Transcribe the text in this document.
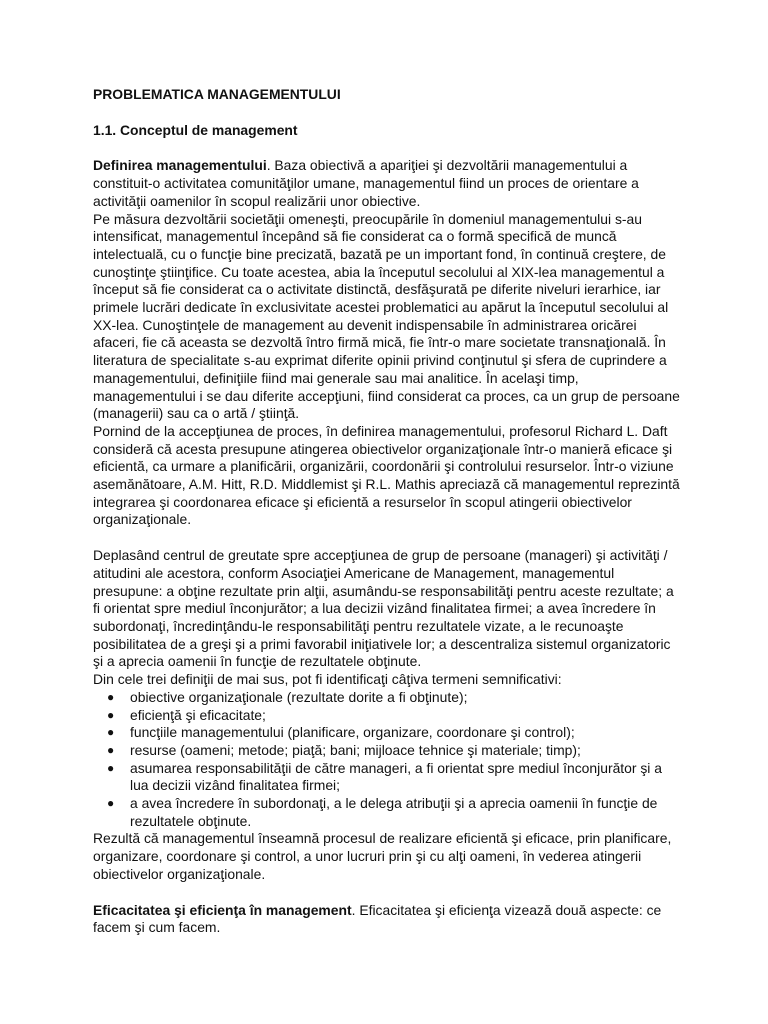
PROBLEMATICA MANAGEMENTULUI

1.1. Conceptul de management

Definirea managementului. Baza obiectivă a apariţiei şi dezvoltării managementului a constituit-o activitatea comunităţilor umane, managementul fiind un proces de orientare a activităţii oamenilor în scopul realizării unor obiective.

Pe măsura dezvoltării societăţii omeneşti, preocupările în domeniul managementului s-au intensificat, managementul începând să fie considerat ca o formă specifică de muncă intelectuală, cu o funcţie bine precizată, bazată pe un important fond, în continuă creştere, de cunoştinţe ştiinţifice. Cu toate acestea, abia la începutul secolului al XIX-lea managementul a început să fie considerat ca o activitate distinctă, desfăşurată pe diferite niveluri ierarhice, iar primele lucrări dedicate în exclusivitate acestei problematici au apărut la începutul secolului al XX-lea. Cunoştinţele de management au devenit indispensabile în administrarea oricărei afaceri, fie că aceasta se dezvoltă întro firmă mică, fie într-o mare societate transnaţională. În literatura de specialitate s-au exprimat diferite opinii privind conţinutul şi sfera de cuprindere a managementului, definiţiile fiind mai generale sau mai analitice. În acelaşi timp, managementului i se dau diferite accepţiuni, fiind considerat ca proces, ca un grup de persoane (managerii) sau ca o artă / ştiinţă.

Pornind de la accepţiunea de proces, în definirea managementului, profesorul Richard L. Daft consideră că acesta presupune atingerea obiectivelor organizaţionale într-o manieră eficace şi eficientă, ca urmare a planificării, organizării, coordonării şi controlului resurselor. Într-o viziune asemănătoare, A.M. Hitt, R.D. Middlemist şi R.L. Mathis apreciază că managementul reprezintă integrarea şi coordonarea eficace şi eficientă a resurselor în scopul atingerii obiectivelor organizaţionale.

Deplasând centrul de greutate spre accepţiunea de grup de persoane (manageri) şi activităţi / atitudini ale acestora, conform Asociaţiei Americane de Management, managementul presupune: a obţine rezultate prin alţii, asumându-se responsabilităţi pentru aceste rezultate; a fi orientat spre mediul înconjurător; a lua decizii vizând finalitatea firmei; a avea încredere în subordonaţi, încredinţându-le responsabilităţi pentru rezultatele vizate, a le recunoaşte posibilitatea de a greşi şi a primi favorabil iniţiativele lor; a descentraliza sistemul organizatoric şi a aprecia oamenii în funcţie de rezultatele obţinute.

Din cele trei definiţii de mai sus, pot fi identificaţi câţiva termeni semnificativi:

● obiective organizaţionale (rezultate dorite a fi obţinute);
● eficienţă şi eficacitate;
● funcţiile managementului (planificare, organizare, coordonare şi control);
● resurse (oameni; metode; piaţă; bani; mijloace tehnice şi materiale; timp);
● asumarea responsabilităţii de către manageri, a fi orientat spre mediul înconjurător şi a lua decizii vizând finalitatea firmei;
● a avea încredere în subordonaţi, a le delega atribuţii şi a aprecia oamenii în funcţie de rezultatele obţinute.

Rezultă că managementul înseamnă procesul de realizare eficientă şi eficace, prin planificare, organizare, coordonare şi control, a unor lucruri prin şi cu alţi oameni, în vederea atingerii obiectivelor organizaţionale.

Eficacitatea şi eficienţa în management. Eficacitatea şi eficienţa vizează două aspecte: ce facem şi cum facem.
